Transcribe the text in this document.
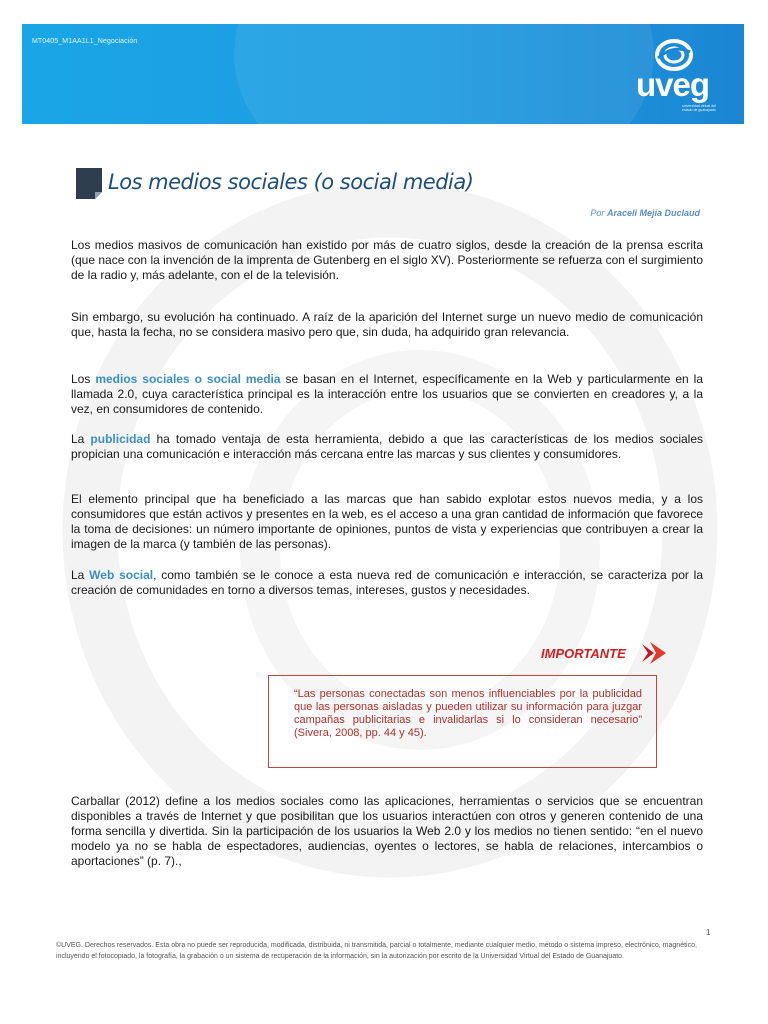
MT0405_M1AA1L1_Negociación
uveg
universidad virtual del estado de guanajuato
Los medios sociales (o social media)
Por Araceli Mejía Duclaud
Los medios masivos de comunicación han existido por más de cuatro siglos, desde la creación de la prensa escrita (que nace con la invención de la imprenta de Gutenberg en el siglo XV). Posteriormente se refuerza con el surgimiento de la radio y, más adelante, con el de la televisión.
Sin embargo, su evolución ha continuado. A raíz de la aparición del Internet surge un nuevo medio de comunicación que, hasta la fecha, no se considera masivo pero que, sin duda, ha adquirido gran relevancia.
Los medios sociales o social media se basan en el Internet, específicamente en la Web y particularmente en la llamada 2.0, cuya característica principal es la interacción entre los usuarios que se convierten en creadores y, a la vez, en consumidores de contenido.
La publicidad ha tomado ventaja de esta herramienta, debido a que las características de los medios sociales propician una comunicación e interacción más cercana entre las marcas y sus clientes y consumidores.
El elemento principal que ha beneficiado a las marcas que han sabido explotar estos nuevos media, y a los consumidores que están activos y presentes en la web, es el acceso a una gran cantidad de información que favorece la toma de decisiones: un número importante de opiniones, puntos de vista y experiencias que contribuyen a crear la imagen de la marca (y también de las personas).
La Web social, como también se le conoce a esta nueva red de comunicación e interacción, se caracteriza por la creación de comunidades en torno a diversos temas, intereses, gustos y necesidades.
IMPORTANTE
“Las personas conectadas son menos influenciables por la publicidad que las personas aisladas y pueden utilizar su información para juzgar campañas publicitarias e invalidarlas si lo consideran necesario” (Sivera, 2008, pp. 44 y 45).
Carballar (2012) define a los medios sociales como las aplicaciones, herramientas o servicios que se encuentran disponibles a través de Internet y que posibilitan que los usuarios interactúen con otros y generen contenido de una forma sencilla y divertida. Sin la participación de los usuarios la Web 2.0 y los medios no tienen sentido: “en el nuevo modelo ya no se habla de espectadores, audiencias, oyentes o lectores, se habla de relaciones, intercambios o aportaciones” (p. 7).,
1
©UVEG. Derechos reservados. Esta obra no puede ser reproducida, modificada, distribuida, ni transmitida, parcial o totalmente, mediante cualquier medio, método o sistema impreso, electrónico, magnético, incluyendo el fotocopiado, la fotografía, la grabación o un sistema de recuperación de la información, sin la autorización por escrito de la Universidad Virtual del Estado de Guanajuato.
